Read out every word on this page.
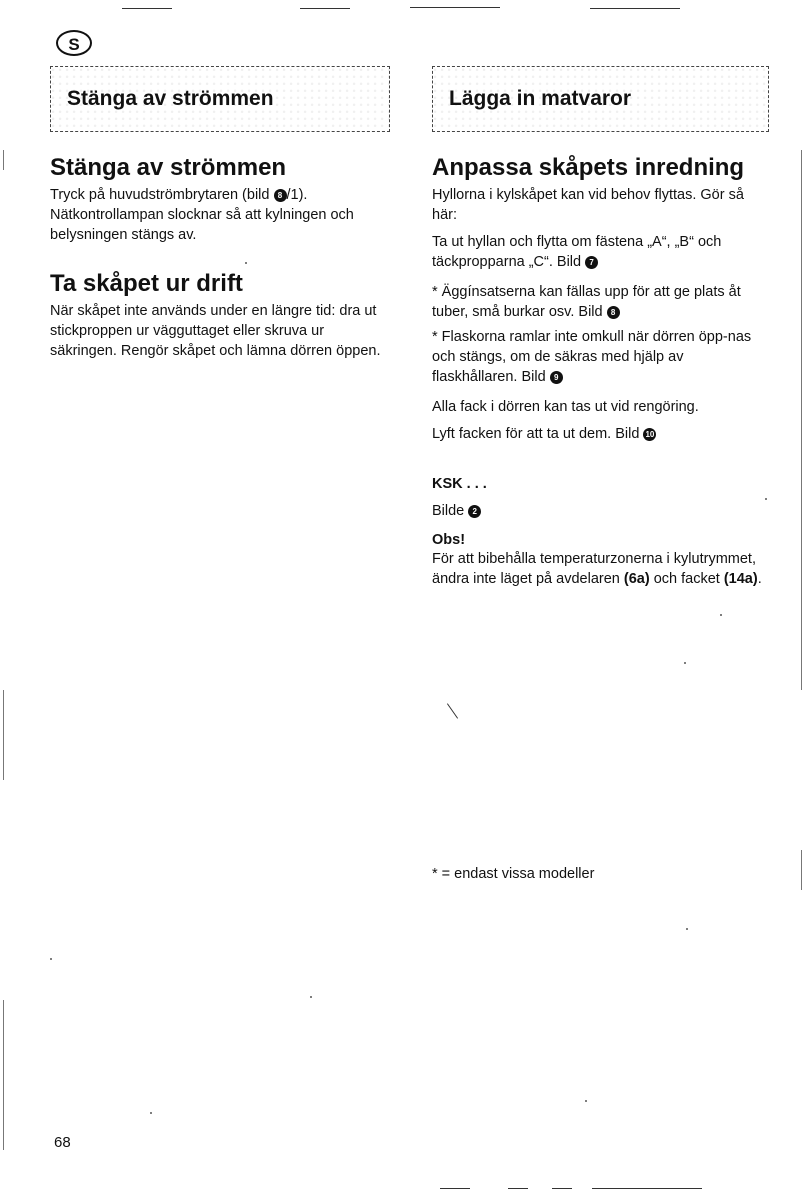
S
Stänga av strömmen	Lägga in matvaror
Stänga av strömmen

Tryck på huvudströmbrytaren (bild 8 /1). Nätkontrollampan slocknar så att kylningen och belysningen stängs av.

Ta skåpet ur drift

När skåpet inte används under en längre tid: dra ut stickproppen ur vägguttaget eller skruva ur säkringen. Rengör skåpet och lämna dörren öppen.

Anpassa skåpets inredning

Hyllorna i kylskåpet kan vid behov flyttas. Gör så här:

Ta ut hyllan och flytta om fästena „A“, „B“ och täckpropparna „C“. Bild 7

* Äggínsatserna kan fällas upp för att ge plats åt tuber, små burkar osv. Bild 8

* Flaskorna ramlar inte omkull när dörren öpp-nas och stängs, om de säkras med hjälp av flaskhållaren. Bild 9

Alla fack i dörren kan tas ut vid rengöring.

Lyft facken för att ta ut dem. Bild 10

KSK . . .

Bilde 2

Obs!

För att bibehålla temperaturzonerna i kylutrymmet, ändra inte läget på avdelaren (6a) och facket (14a).

* = endast vissa modeller

68
